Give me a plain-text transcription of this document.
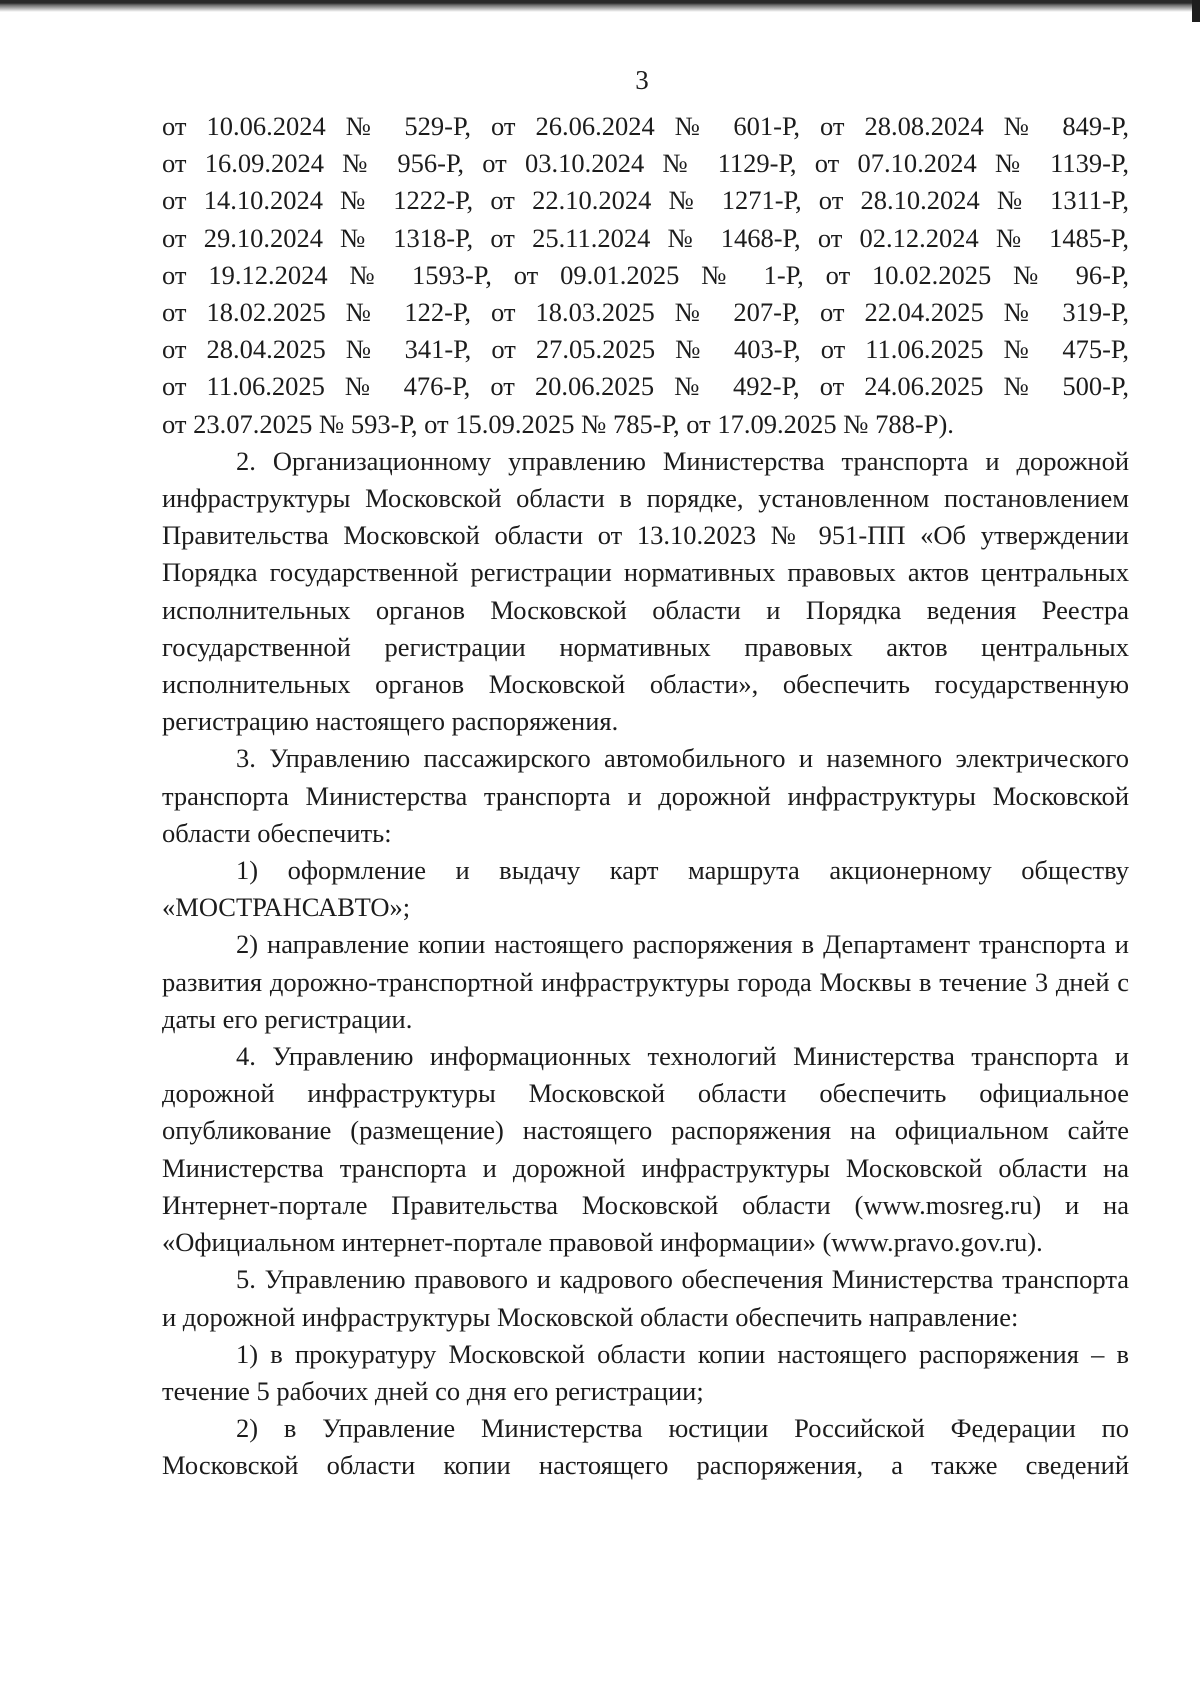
3
от 10.06.2024 № 529-Р, от 26.06.2024 № 601-Р, от 28.08.2024 № 849-Р,
от 16.09.2024 № 956-Р, от 03.10.2024 № 1129-Р, от 07.10.2024 № 1139-Р,
от 14.10.2024 № 1222-Р, от 22.10.2024 № 1271-Р, от 28.10.2024 № 1311-Р,
от 29.10.2024 № 1318-Р, от 25.11.2024 № 1468-Р, от 02.12.2024 № 1485-Р,
от 19.12.2024 № 1593-Р, от 09.01.2025 № 1-Р, от 10.02.2025 № 96-Р,
от 18.02.2025 № 122-Р, от 18.03.2025 № 207-Р, от 22.04.2025 № 319-Р,
от 28.04.2025 № 341-Р, от 27.05.2025 № 403-Р, от 11.06.2025 № 475-Р,
от 11.06.2025 № 476-Р, от 20.06.2025 № 492-Р, от 24.06.2025 № 500-Р,
от 23.07.2025 № 593-Р, от 15.09.2025 № 785-Р, от 17.09.2025 № 788-Р).

2. Организационному управлению Министерства транспорта и дорожной инфраструктуры Московской области в порядке, установленном постановлением Правительства Московской области от 13.10.2023 № 951-ПП «Об утверждении Порядка государственной регистрации нормативных правовых актов центральных исполнительных органов Московской области и Порядка ведения Реестра государственной регистрации нормативных правовых актов центральных исполнительных органов Московской области», обеспечить государственную регистрацию настоящего распоряжения.

3. Управлению пассажирского автомобильного и наземного электрического транспорта Министерства транспорта и дорожной инфраструктуры Московской области обеспечить:

1) оформление и выдачу карт маршрута акционерному обществу «МОСТРАНСАВТО»;

2) направление копии настоящего распоряжения в Департамент транспорта и развития дорожно-транспортной инфраструктуры города Москвы в течение 3 дней с даты его регистрации.

4. Управлению информационных технологий Министерства транспорта и дорожной инфраструктуры Московской области обеспечить официальное опубликование (размещение) настоящего распоряжения на официальном сайте Министерства транспорта и дорожной инфраструктуры Московской области на Интернет-портале Правительства Московской области (www.mosreg.ru) и на «Официальном интернет-портале правовой информации» (www.pravo.gov.ru).

5. Управлению правового и кадрового обеспечения Министерства транспорта и дорожной инфраструктуры Московской области обеспечить направление:

1) в прокуратуру Московской области копии настоящего распоряжения – в течение 5 рабочих дней со дня его регистрации;

2) в Управление Министерства юстиции Российской Федерации по Московской области копии настоящего распоряжения, а также сведений
